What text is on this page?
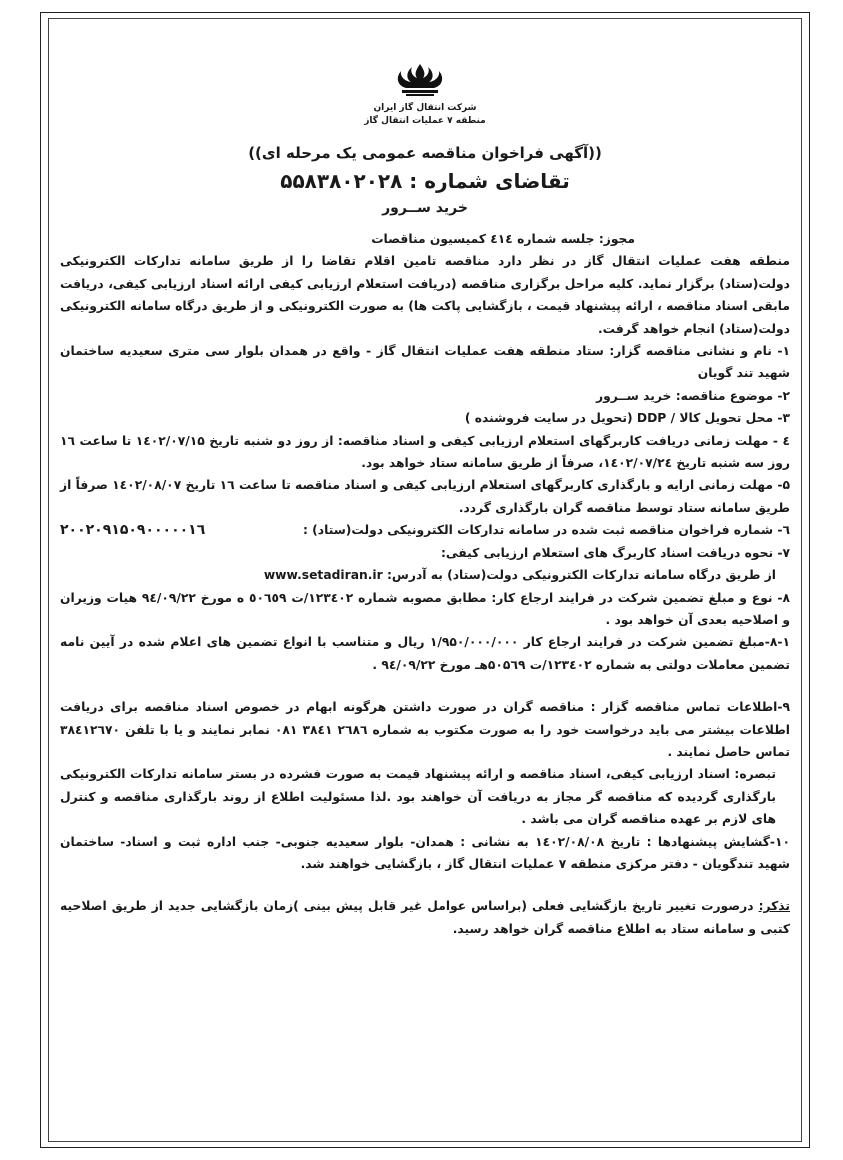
شرکت انتقال گاز ایران
منطقه ۷ عملیات انتقال گاز
((آگهی فراخوان مناقصه عمومی یک مرحله ای))
تقاضای شماره : ۵۵۸۳۸۰۲۰۲۸
خرید ســرور

مجوز: جلسه شماره ٤١٤ کمیسیون مناقصات

منطقه هفت عملیات انتقال گاز در نظر دارد مناقصه تامین اقلام تقاضا را از طریق سامانه تدارکات الکترونیکی دولت(ستاد) برگزار نماید. کلیه مراحل برگزاری مناقصه (دریافت استعلام ارزیابی کیفی ارائه اسناد ارزیابی کیفی، دریافت مابقی اسناد مناقصه ، ارائه پیشنهاد قیمت ، بازگشایی پاکت ها) به صورت الکترونیکی و از طریق درگاه سامانه الکترونیکی دولت(ستاد) انجام خواهد گرفت.

۱- نام و نشانی مناقصه گزار: ستاد منطقه هفت عملیات انتقال گاز - واقع در همدان بلوار سی متری سعیدیه ساختمان شهید تند گویان

۲- موضوع مناقصه: خرید ســرور

۳- محل تحویل کالا / DDP (تحویل در سایت فروشنده )

٤ - مهلت زمانی دریافت کاربرگهای استعلام ارزیابی کیفی و اسناد مناقصه: از روز دو شنبه تاریخ ۱٤۰۲/۰۷/۱۵ تا ساعت ۱٦ روز سه شنبه تاریخ ۱٤۰۲/۰۷/۲٤، صرفاً از طریق سامانه ستاد خواهد بود.

۵- مهلت زمانی ارایه و بارگذاری کاربرگهای استعلام ارزیابی کیفی و اسناد مناقصه تا ساعت ۱٦ تاریخ ۱٤۰۲/۰۸/۰۷ صرفاً از طریق سامانه ستاد توسط مناقصه گران بارگذاری گردد.

٦- شماره فراخوان مناقصه ثبت شده در سامانه تدارکات الکترونیکی دولت(ستاد) :
۲۰۰۲۰۹۱۵۰۹۰۰۰۰۰۱٦

۷- نحوه دریافت اسناد کاربرگ های استعلام ارزیابی کیفی:

از طریق درگاه سامانه تدارکات الکترونیکی دولت(ستاد) به آدرس: www.setadiran.ir

۸- نوع و مبلغ تضمین شرکت در فرایند ارجاع کار: مطابق مصوبه شماره ۱۲۳٤۰۲/ت ٥٠٦٥٩ ه مورخ ۹٤/۰۹/۲۲ هیات وزیران و اصلاحیه بعدی آن خواهد بود .

۸-۱-مبلغ تضمین شرکت در فرایند ارجاع کار ۱/۹۵۰/۰۰۰/۰۰۰ ریال و متناسب با انواع تضمین های اعلام شده در آیین نامه تضمین معاملات دولتی به شماره ۱۲۳٤۰۲/ت ۵۰۵٦۹هـ مورخ ۹٤/۰۹/۲۲ .

۹-اطلاعات تماس مناقصه گزار : مناقصه گران در صورت داشتن هرگونه ابهام در خصوص اسناد مناقصه برای دریافت اطلاعات بیشتر می باید درخواست خود را به صورت مکتوب به شماره ۲٦۸٦ ۳۸٤۱ ۰۸۱ نمابر نمایند و یا با تلفن ۳۸٤۱۲٦۷۰ تماس حاصل نمایند .

تبصره: اسناد ارزیابی کیفی، اسناد مناقصه و ارائه پیشنهاد قیمت به صورت فشرده در بستر سامانه تدارکات الکترونیکی بارگذاری گردیده که مناقصه گر مجاز به دریافت آن خواهند بود .لذا مسئولیت اطلاع از روند بارگذاری مناقصه و کنترل های لازم بر عهده مناقصه گران می باشد .

۱۰-گشایش پیشنهادها : تاریخ ۱٤۰۲/۰۸/۰۸ به نشانی : همدان- بلوار سعیدیه جنوبی- جنب اداره ثبت و اسناد- ساختمان شهید تندگویان - دفتر مرکزی منطقه ۷ عملیات انتقال گاز ، بازگشایی خواهند شد.

تذکر: درصورت تغییر تاریخ بازگشایی فعلی (براساس عوامل غیر قابل پیش بینی )زمان بازگشایی جدید از طریق اصلاحیه کتبی و سامانه ستاد به اطلاع مناقصه گران خواهد رسید.
